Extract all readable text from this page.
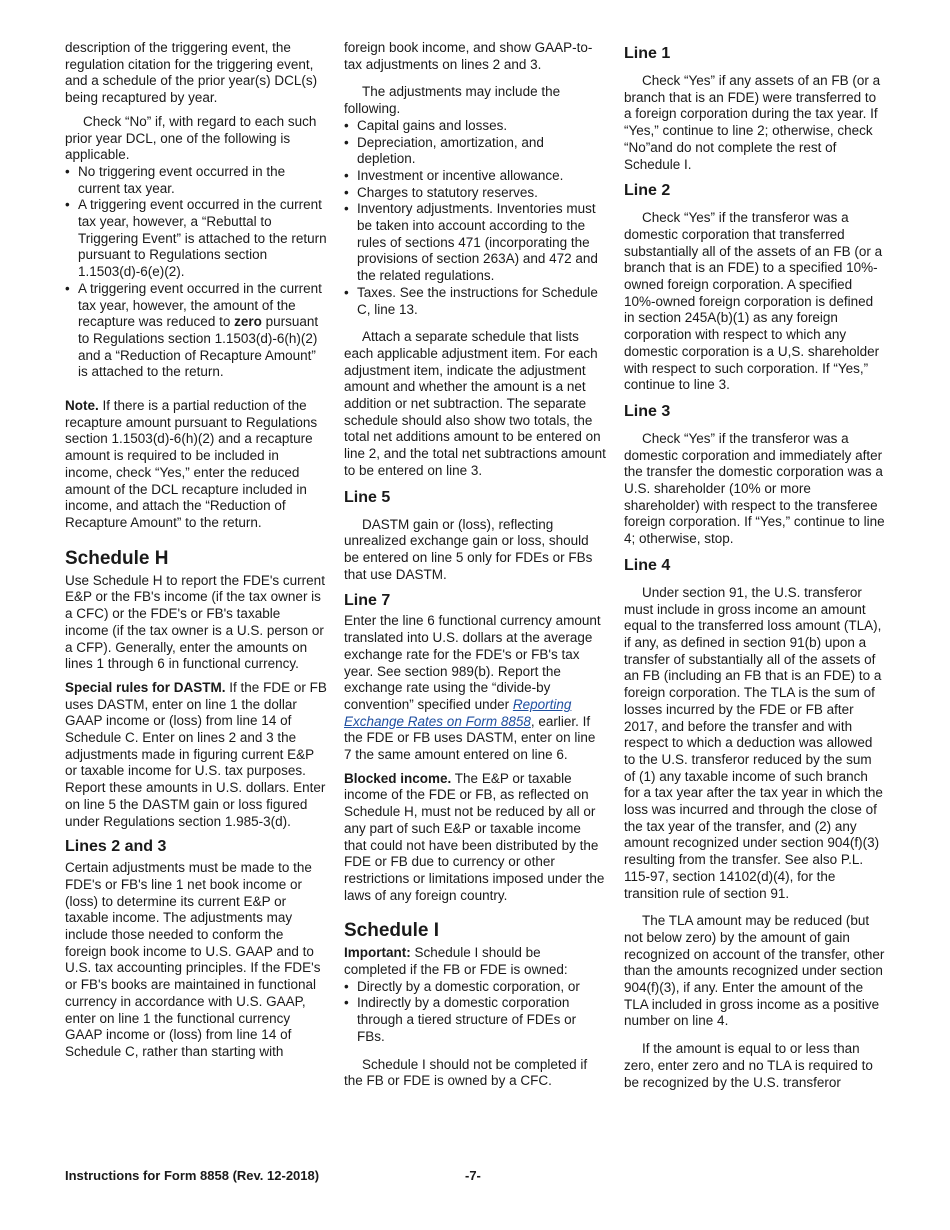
description of the triggering event, the regulation citation for the triggering event, and a schedule of the prior year(s) DCL(s) being recaptured by year.

Check “No” if, with regard to each such prior year DCL, one of the following is applicable.

• No triggering event occurred in the current tax year.
• A triggering event occurred in the current tax year, however, a “Rebuttal to Triggering Event” is attached to the return pursuant to Regulations section 1.1503(d)-6(e)(2).
• A triggering event occurred in the current tax year, however, the amount of the recapture was reduced to zero pursuant to Regulations section 1.1503(d)-6(h)(2) and a “Reduction of Recapture Amount” is attached to the return.

Note. If there is a partial reduction of the recapture amount pursuant to Regulations section 1.1503(d)-6(h)(2) and a recapture amount is required to be included in income, check “Yes,” enter the reduced amount of the DCL recapture included in income, and attach the “Reduction of Recapture Amount” to the return.

Schedule H

Use Schedule H to report the FDE's current E&P or the FB's income (if the tax owner is a CFC) or the FDE's or FB's taxable income (if the tax owner is a U.S. person or a CFP). Generally, enter the amounts on lines 1 through 6 in functional currency.

Special rules for DASTM. If the FDE or FB uses DASTM, enter on line 1 the dollar GAAP income or (loss) from line 14 of Schedule C. Enter on lines 2 and 3 the adjustments made in figuring current E&P or taxable income for U.S. tax purposes. Report these amounts in U.S. dollars. Enter on line 5 the DASTM gain or loss figured under Regulations section 1.985-3(d).

Lines 2 and 3

Certain adjustments must be made to the FDE's or FB's line 1 net book income or (loss) to determine its current E&P or taxable income. The adjustments may include those needed to conform the foreign book income to U.S. GAAP and to U.S. tax accounting principles. If the FDE's or FB's books are maintained in functional currency in accordance with U.S. GAAP, enter on line 1 the functional currency GAAP income or (loss) from line 14 of Schedule C, rather than starting with

foreign book income, and show GAAP-to-tax adjustments on lines 2 and 3.

The adjustments may include the following.

• Capital gains and losses.
• Depreciation, amortization, and depletion.
• Investment or incentive allowance.
• Charges to statutory reserves.
• Inventory adjustments. Inventories must be taken into account according to the rules of sections 471 (incorporating the provisions of section 263A) and 472 and the related regulations.
• Taxes. See the instructions for Schedule C, line 13.

Attach a separate schedule that lists each applicable adjustment item. For each adjustment item, indicate the adjustment amount and whether the amount is a net addition or net subtraction. The separate schedule should also show two totals, the total net additions amount to be entered on line 2, and the total net subtractions amount to be entered on line 3.

Line 5

DASTM gain or (loss), reflecting unrealized exchange gain or loss, should be entered on line 5 only for FDEs or FBs that use DASTM.

Line 7

Enter the line 6 functional currency amount translated into U.S. dollars at the average exchange rate for the FDE's or FB's tax year. See section 989(b). Report the exchange rate using the “divide-by convention” specified under Reporting Exchange Rates on Form 8858, earlier. If the FDE or FB uses DASTM, enter on line 7 the same amount entered on line 6.

Blocked income. The E&P or taxable income of the FDE or FB, as reflected on Schedule H, must not be reduced by all or any part of such E&P or taxable income that could not have been distributed by the FDE or FB due to currency or other restrictions or limitations imposed under the laws of any foreign country.

Schedule I

Important: Schedule I should be completed if the FB or FDE is owned:

• Directly by a domestic corporation, or
• Indirectly by a domestic corporation through a tiered structure of FDEs or FBs.

Schedule I should not be completed if the FB or FDE is owned by a CFC.

Line 1

Check “Yes” if any assets of an FB (or a branch that is an FDE) were transferred to a foreign corporation during the tax year. If “Yes,” continue to line 2; otherwise, check “No”and do not complete the rest of Schedule I.

Line 2

Check “Yes” if the transferor was a domestic corporation that transferred substantially all of the assets of an FB (or a branch that is an FDE) to a specified 10%-owned foreign corporation. A specified 10%-owned foreign corporation is defined in section 245A(b)(1) as any foreign corporation with respect to which any domestic corporation is a U,S. shareholder with respect to such corporation. If “Yes,” continue to line 3.

Line 3

Check “Yes” if the transferor was a domestic corporation and immediately after the transfer the domestic corporation was a U.S. shareholder (10% or more shareholder) with respect to the transferee foreign corporation. If “Yes,” continue to line 4; otherwise, stop.

Line 4

Under section 91, the U.S. transferor must include in gross income an amount equal to the transferred loss amount (TLA), if any, as defined in section 91(b) upon a transfer of substantially all of the assets of an FB (including an FB that is an FDE) to a foreign corporation. The TLA is the sum of losses incurred by the FDE or FB after 2017, and before the transfer and with respect to which a deduction was allowed to the U.S. transferor reduced by the sum of (1) any taxable income of such branch for a tax year after the tax year in which the loss was incurred and through the close of the tax year of the transfer, and (2) any amount recognized under section 904(f)(3) resulting from the transfer. See also P.L. 115-97, section 14102(d)(4), for the transition rule of section 91.

The TLA amount may be reduced (but not below zero) by the amount of gain recognized on account of the transfer, other than the amounts recognized under section 904(f)(3), if any. Enter the amount of the TLA included in gross income as a positive number on line 4.

If the amount is equal to or less than zero, enter zero and no TLA is required to be recognized by the U.S. transferor

Instructions for Form 8858 (Rev. 12-2018)	-7-
